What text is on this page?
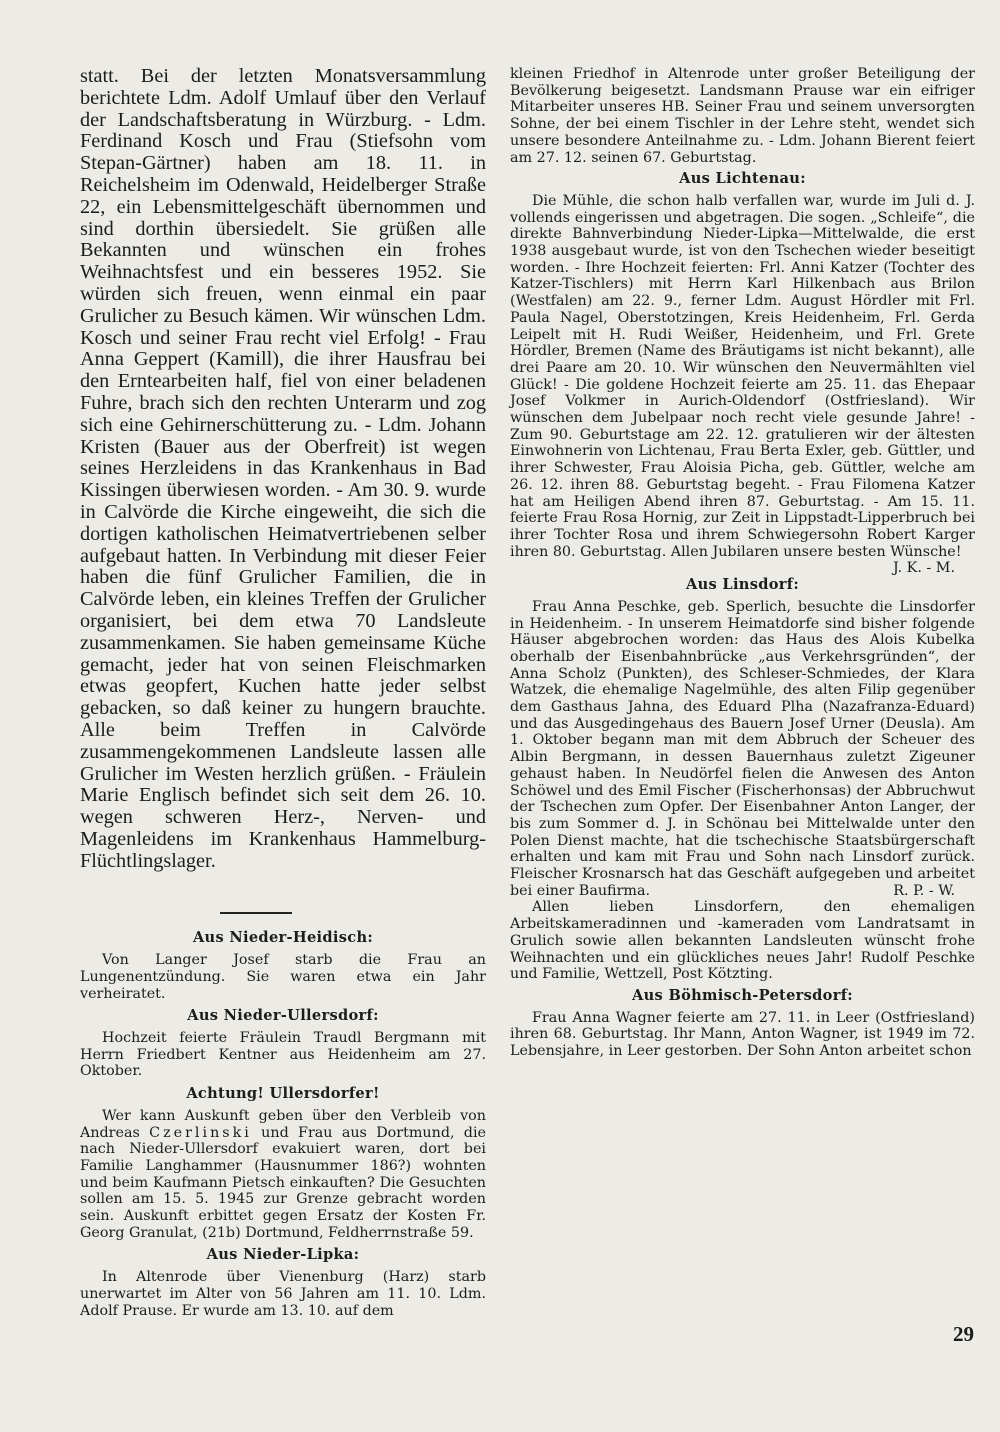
statt. Bei der letzten Monatsversammlung berichtete Ldm. Adolf Umlauf über den Verlauf der Landschaftsberatung in Würzburg. - Ldm. Ferdinand Kosch und Frau (Stiefsohn vom Stepan-Gärtner) haben am 18. 11. in Reichelsheim im Odenwald, Heidelberger Straße 22, ein Lebensmittelgeschäft übernommen und sind dorthin übersiedelt. Sie grüßen alle Bekannten und wünschen ein frohes Weihnachtsfest und ein besseres 1952. Sie würden sich freuen, wenn einmal ein paar Grulicher zu Besuch kämen. Wir wünschen Ldm. Kosch und seiner Frau recht viel Erfolg! - Frau Anna Geppert (Kamill), die ihrer Hausfrau bei den Erntearbeiten half, fiel von einer beladenen Fuhre, brach sich den rechten Unterarm und zog sich eine Gehirnerschütterung zu. - Ldm. Johann Kristen (Bauer aus der Oberfreit) ist wegen seines Herzleidens in das Krankenhaus in Bad Kissingen überwiesen worden. - Am 30. 9. wurde in Calvörde die Kirche eingeweiht, die sich die dortigen katholischen Heimatvertriebenen selber aufgebaut hatten. In Verbindung mit dieser Feier haben die fünf Grulicher Familien, die in Calvörde leben, ein kleines Treffen der Grulicher organisiert, bei dem etwa 70 Landsleute zusammenkamen. Sie haben gemeinsame Küche gemacht, jeder hat von seinen Fleischmarken etwas geopfert, Kuchen hatte jeder selbst gebacken, so daß keiner zu hungern brauchte. Alle beim Treffen in Calvörde zusammengekommenen Landsleute lassen alle Grulicher im Westen herzlich grüßen. - Fräulein Marie Englisch befindet sich seit dem 26. 10. wegen schweren Herz-, Nerven- und Magenleidens im Krankenhaus Hammelburg-Flüchtlingslager.

Aus Nieder-Heidisch:

Von Langer Josef starb die Frau an Lungenentzündung. Sie waren etwa ein Jahr verheiratet.

Aus Nieder-Ullersdorf:

Hochzeit feierte Fräulein Traudl Bergmann mit Herrn Friedbert Kentner aus Heidenheim am 27. Oktober.

Achtung! Ullersdorfer!

Wer kann Auskunft geben über den Verbleib von Andreas Czerlinski und Frau aus Dortmund, die nach Nieder-Ullersdorf evakuiert waren, dort bei Familie Langhammer (Hausnummer 186?) wohnten und beim Kaufmann Pietsch einkauften? Die Gesuchten sollen am 15. 5. 1945 zur Grenze gebracht worden sein. Auskunft erbittet gegen Ersatz der Kosten Fr. Georg Granulat, (21b) Dortmund, Feldherrnstraße 59.

Aus Nieder-Lipka:

In Altenrode über Vienenburg (Harz) starb unerwartet im Alter von 56 Jahren am 11. 10. Ldm. Adolf Prause. Er wurde am 13. 10. auf dem

kleinen Friedhof in Altenrode unter großer Beteiligung der Bevölkerung beigesetzt. Landsmann Prause war ein eifriger Mitarbeiter unseres HB. Seiner Frau und seinem unversorgten Sohne, der bei einem Tischler in der Lehre steht, wendet sich unsere besondere Anteilnahme zu. - Ldm. Johann Bierent feiert am 27. 12. seinen 67. Geburtstag.

Aus Lichtenau:

Die Mühle, die schon halb verfallen war, wurde im Juli d. J. vollends eingerissen und abgetragen. Die sogen. „Schleife“, die direkte Bahnverbindung Nieder-Lipka—Mittelwalde, die erst 1938 ausgebaut wurde, ist von den Tschechen wieder beseitigt worden. - Ihre Hochzeit feierten: Frl. Anni Katzer (Tochter des Katzer-Tischlers) mit Herrn Karl Hilkenbach aus Brilon (Westfalen) am 22. 9., ferner Ldm. August Hördler mit Frl. Paula Nagel, Oberstotzingen, Kreis Heidenheim, Frl. Gerda Leipelt mit H. Rudi Weißer, Heidenheim, und Frl. Grete Hördler, Bremen (Name des Bräutigams ist nicht bekannt), alle drei Paare am 20. 10. Wir wünschen den Neuvermählten viel Glück! - Die goldene Hochzeit feierte am 25. 11. das Ehepaar Josef Volkmer in Aurich-Oldendorf (Ostfriesland). Wir wünschen dem Jubelpaar noch recht viele gesunde Jahre! - Zum 90. Geburtstage am 22. 12. gratulieren wir der ältesten Einwohnerin von Lichtenau, Frau Berta Exler, geb. Güttler, und ihrer Schwester, Frau Aloisia Picha, geb. Güttler, welche am 26. 12. ihren 88. Geburtstag begeht. - Frau Filomena Katzer hat am Heiligen Abend ihren 87. Geburtstag. - Am 15. 11. feierte Frau Rosa Hornig, zur Zeit in Lippstadt-Lipperbruch bei ihrer Tochter Rosa und ihrem Schwiegersohn Robert Karger ihren 80. Geburtstag. Allen Jubilaren unsere besten Wünsche!
J. K. - M.

Aus Linsdorf:

Frau Anna Peschke, geb. Sperlich, besuchte die Linsdorfer in Heidenheim. - In unserem Heimatdorfe sind bisher folgende Häuser abgebrochen worden: das Haus des Alois Kubelka oberhalb der Eisenbahnbrücke „aus Verkehrsgründen“, der Anna Scholz (Punkten), des Schleser-Schmiedes, der Klara Watzek, die ehemalige Nagelmühle, des alten Filip gegenüber dem Gasthaus Jahna, des Eduard Plha (Nazafranza-Eduard) und das Ausgedingehaus des Bauern Josef Urner (Deusla). Am 1. Oktober begann man mit dem Abbruch der Scheuer des Albin Bergmann, in dessen Bauernhaus zuletzt Zigeuner gehaust haben. In Neudörfel fielen die Anwesen des Anton Schöwel und des Emil Fischer (Fischerhonsas) der Abbruchwut der Tschechen zum Opfer. Der Eisenbahner Anton Langer, der bis zum Sommer d. J. in Schönau bei Mittelwalde unter den Polen Dienst machte, hat die tschechische Staatsbürgerschaft erhalten und kam mit Frau und Sohn nach Linsdorf zurück. Fleischer Krosnarsch hat das Geschäft aufgegeben und arbeitet bei einer Baufirma.	R. P. - W.

Allen lieben Linsdorfern, den ehemaligen Arbeitskameradinnen und -kameraden vom Landratsamt in Grulich sowie allen bekannten Landsleuten wünscht frohe Weihnachten und ein glückliches neues Jahr! Rudolf Peschke und Familie, Wettzell, Post Kötzting.

Aus Böhmisch-Petersdorf:

Frau Anna Wagner feierte am 27. 11. in Leer (Ostfriesland) ihren 68. Geburtstag. Ihr Mann, Anton Wagner, ist 1949 im 72. Lebensjahre, in Leer gestorben. Der Sohn Anton arbeitet schon

29
